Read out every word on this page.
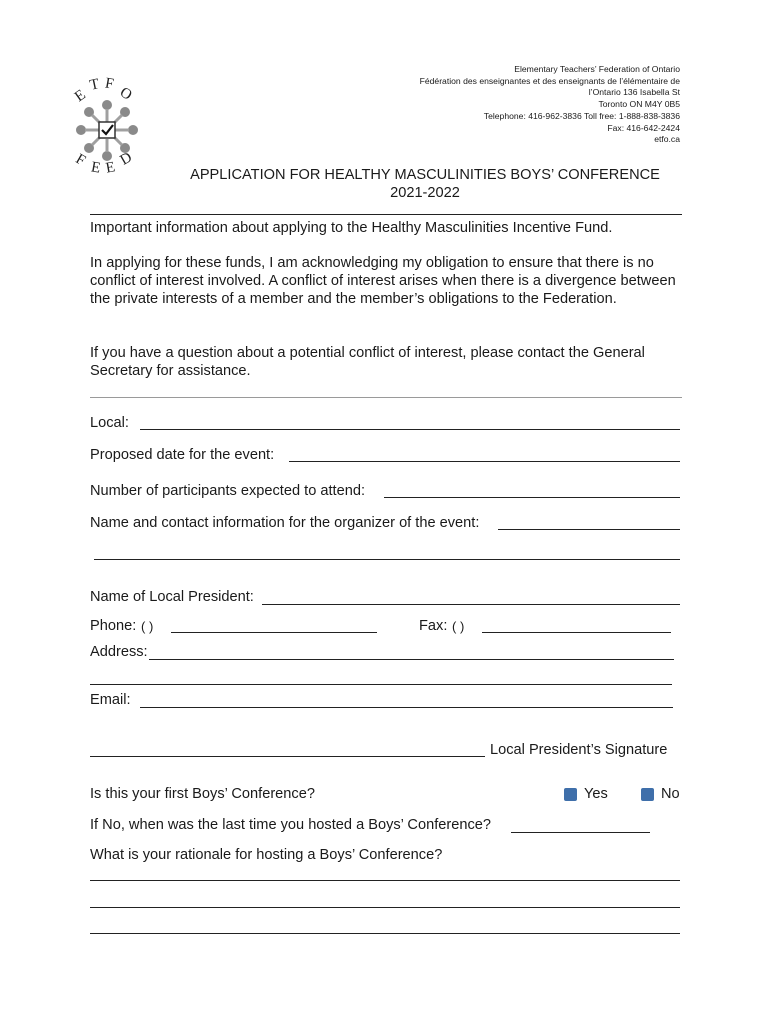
E
T F
O
F E E D
Elementary Teachers’ Federation of Ontario
Fédération des enseignantes et des enseignants de l’élémentaire de
l’Ontario 136 Isabella St
Toronto ON M4Y 0B5
Telephone: 416-962-3836 Toll free: 1-888-838-3836
Fax: 416-642-2424
etfo.ca
APPLICATION FOR HEALTHY MASCULINITIES BOYS’ CONFERENCE
2021-2022
Important information about applying to the Healthy Masculinities Incentive Fund.
In applying for these funds, I am acknowledging my obligation to ensure that there is no conflict of interest involved. A conflict of interest arises when there is a divergence between the private interests of a member and the member’s obligations to the Federation.
If you have a question about a potential conflict of interest, please contact the General Secretary for assistance.
Local:
Proposed date for the event:
Number of participants expected to attend:
Name and contact information for the organizer of the event:
Name of Local President:
Phone: ( )	Fax: ( )
Address:
Email:
Local President’s Signature
Is this your first Boys’ Conference?	Yes	No
If No, when was the last time you hosted a Boys’ Conference?
What is your rationale for hosting a Boys’ Conference?
